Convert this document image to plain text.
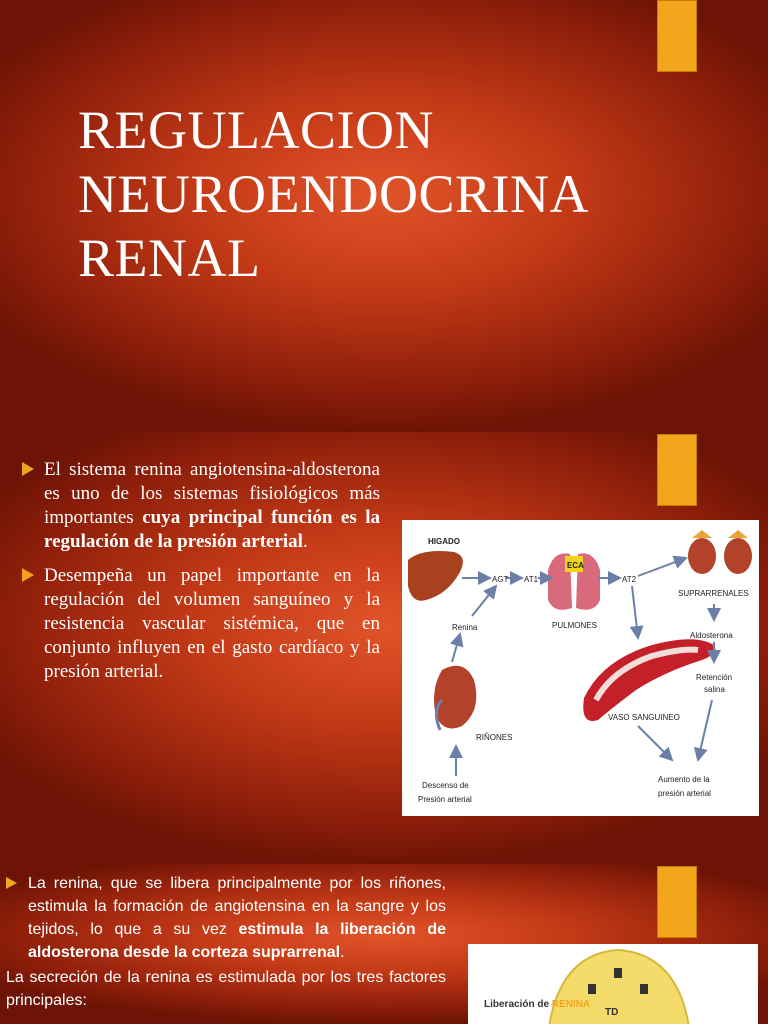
REGULACION
NEUROENDOCRINA
RENAL
El sistema renina angiotensina-aldosterona es uno de los sistemas fisiológicos más importantes cuya principal función es la regulación de la presión arterial.
Desempeña un papel importante en la regulación del volumen sanguíneo y la resistencia vascular sistémica, que en conjunto influyen en el gasto cardíaco y la presión arterial.
HIGADO
AGT AT1
ECA
AT2
SUPRARRENALES
Renina	PULMONES
Aldosterona
Retención
salina
VASO SANGUINEO
RIÑONES
Descenso de
Presión arterial
Aumento de la
presión arterial

La renina, que se libera principalmente por los riñones, estimula la formación de angiotensina en la sangre y los tejidos, lo que a su vez estimula la liberación de aldosterona desde la corteza suprarrenal.

La secreción de la renina es estimulada por los tres factores principales:	Liberación de RENINA
TD
